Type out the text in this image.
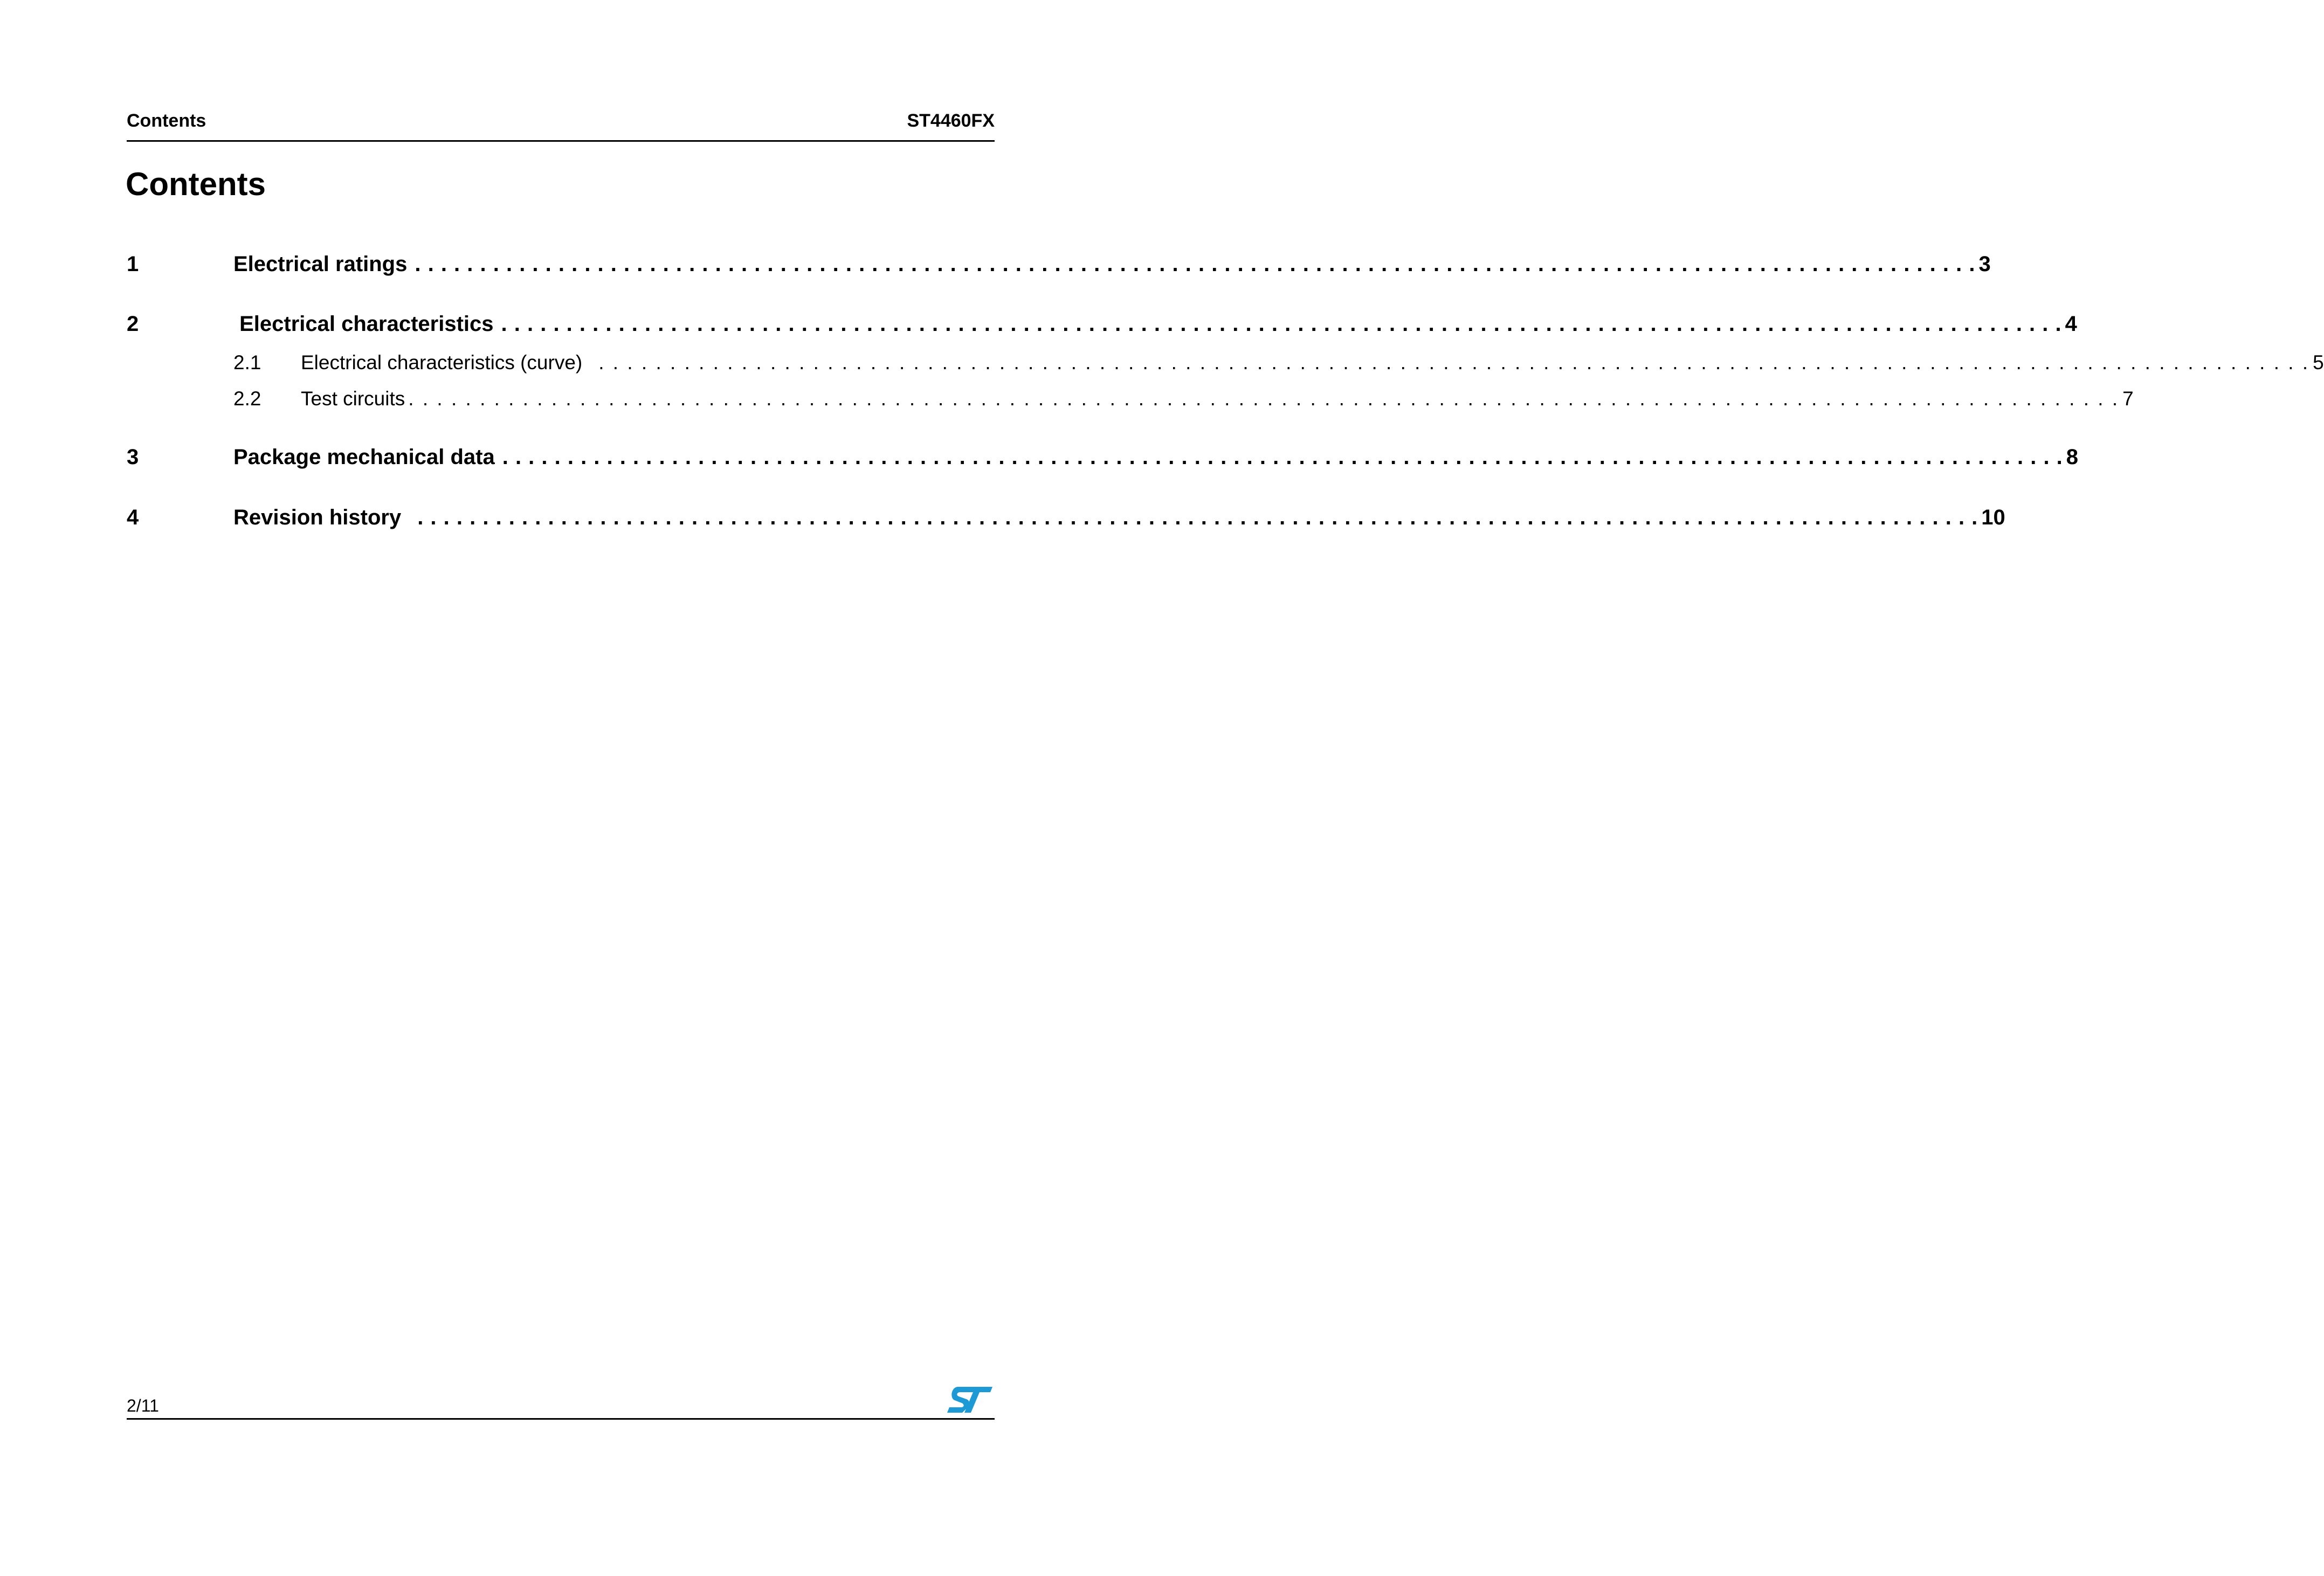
Contents	ST4460FX
Contents
1	Electrical ratings . . . . . . . . . . . . . . . . . . . . . . . . . . . . . . . . . . . . . . . . . . . . . . . . . . . . . . . . . . . . . . . . . . . . . . . . . . . . . . . . . . . . . . . . . . . . . . . . . . . . . . . . . . . . . . . . . . . . . . . . 3
2	Electrical characteristics . . . . . . . . . . . . . . . . . . . . . . . . . . . . . . . . . . . . . . . . . . . . . . . . . . . . . . . . . . . . . . . . . . . . . . . . . . . . . . . . . . . . . . . . . . . . . . . . . . . . . . . . . . . . . . . . . . . . . . . . 4
2.1 Electrical characteristics (curve) . . . . . . . . . . . . . . . . . . . . . . . . . . . . . . . . . . . . . . . . . . . . . . . . . . . . . . . . . . . . . . . . . . . . . . . . . . . . . . . . . . . . . . . . . . . . . . . . . . . . . . . . . . . . . . . . . . . . . . . . 5
2.2 Test circuits . . . . . . . . . . . . . . . . . . . . . . . . . . . . . . . . . . . . . . . . . . . . . . . . . . . . . . . . . . . . . . . . . . . . . . . . . . . . . . . . . . . . . . . . . . . . . . . . . . . . . . . . . . . . . . . . . . . . . . . . 7
3	Package mechanical data . . . . . . . . . . . . . . . . . . . . . . . . . . . . . . . . . . . . . . . . . . . . . . . . . . . . . . . . . . . . . . . . . . . . . . . . . . . . . . . . . . . . . . . . . . . . . . . . . . . . . . . . . . . . . . . . . . . . . . . . 8
4	Revision history . . . . . . . . . . . . . . . . . . . . . . . . . . . . . . . . . . . . . . . . . . . . . . . . . . . . . . . . . . . . . . . . . . . . . . . . . . . . . . . . . . . . . . . . . . . . . . . . . . . . . . . . . . . . . . . . . . . . . . . . 10
2/11
